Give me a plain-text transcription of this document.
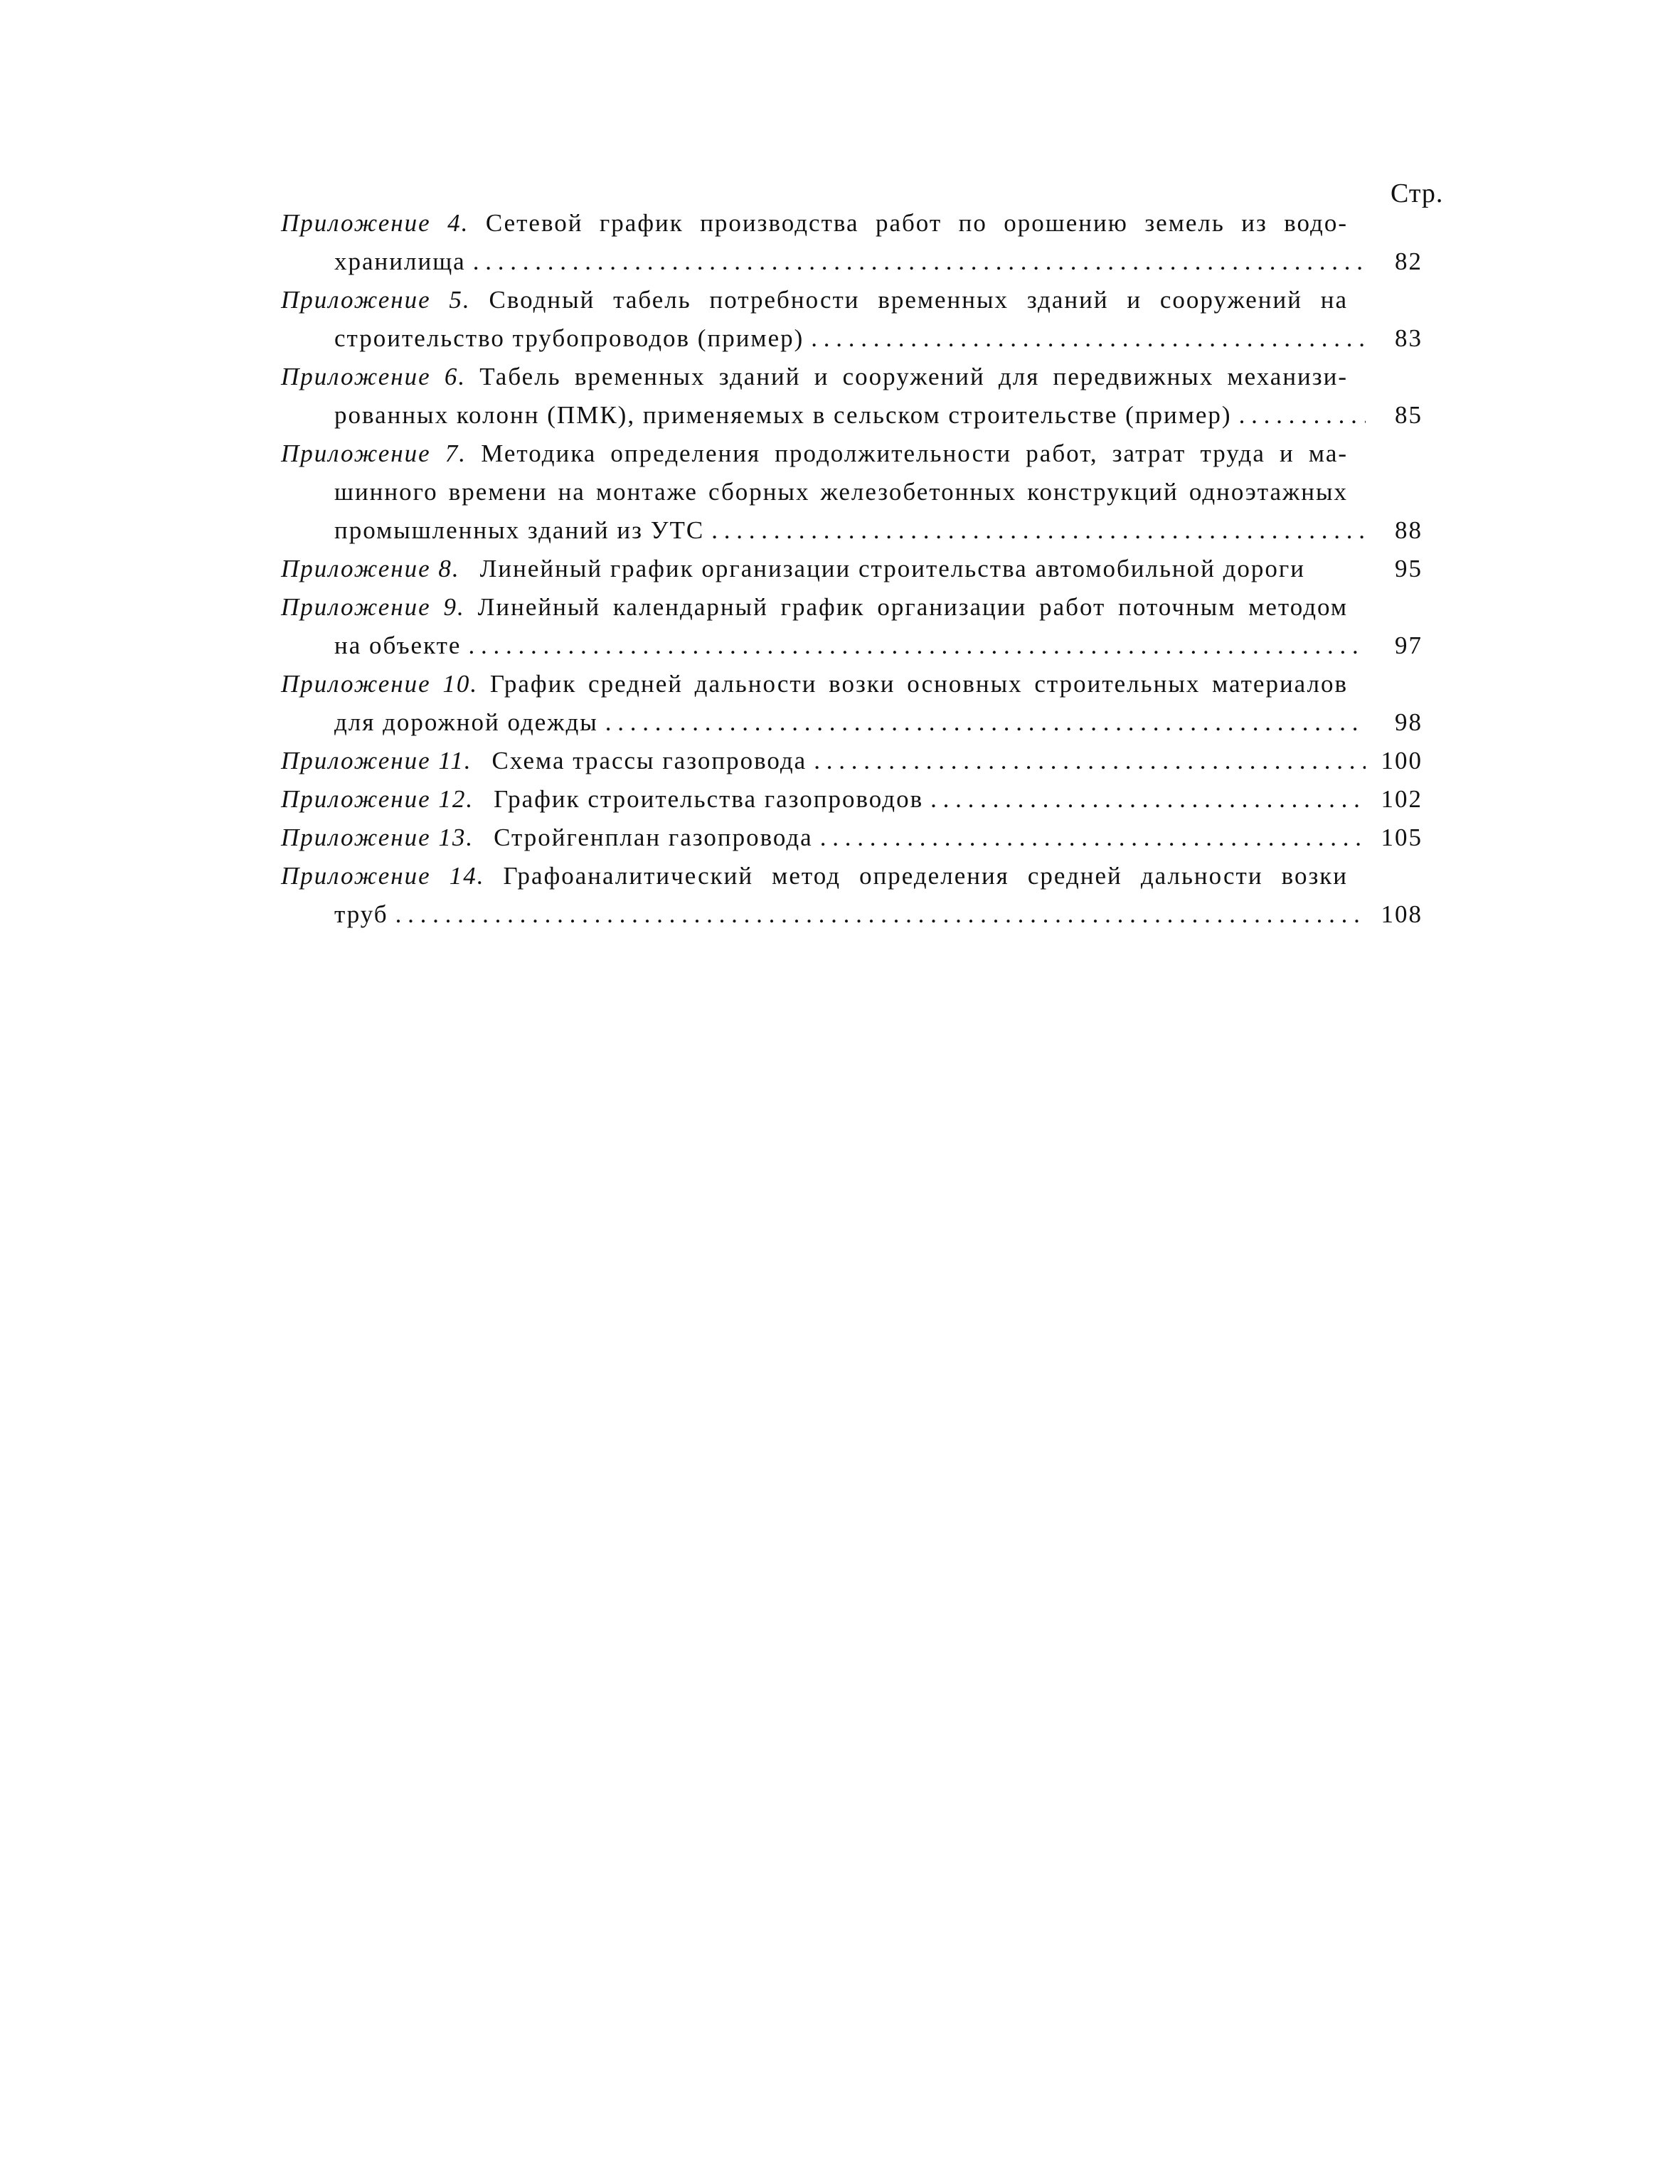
Стр.
Приложение 4. Сетевой график производства работ по орошению земель из водо-
хранилища . . .	82
Приложение 5. Сводный табель потребности временных зданий и сооружений на
строительство трубопроводов (пример) . . .	83
Приложение 6. Табель временных зданий и сооружений для передвижных механизи-
рованных колонн (ПМК), применяемых в сельском строительстве (пример) . . .	85
Приложение 7. Методика определения продолжительности работ, затрат труда и ма-
шинного времени на монтаже сборных железобетонных конструкций одноэтажных
промышленных зданий из УТС . . .	88
Приложение 8. Линейный график организации строительства автомобильной дороги	95
Приложение 9. Линейный календарный график организации работ поточным методом
на объекте . . .	97
Приложение 10. График средней дальности возки основных строительных материалов
для дорожной одежды . . .	98
Приложение 11. Схема трассы газопровода . . .	100
Приложение 12. График строительства газопроводов . . .	102
Приложение 13. Стройгенплан газопровода . . .	105
Приложение 14. Графоаналитический метод определения средней дальности возки
труб . . .	108
